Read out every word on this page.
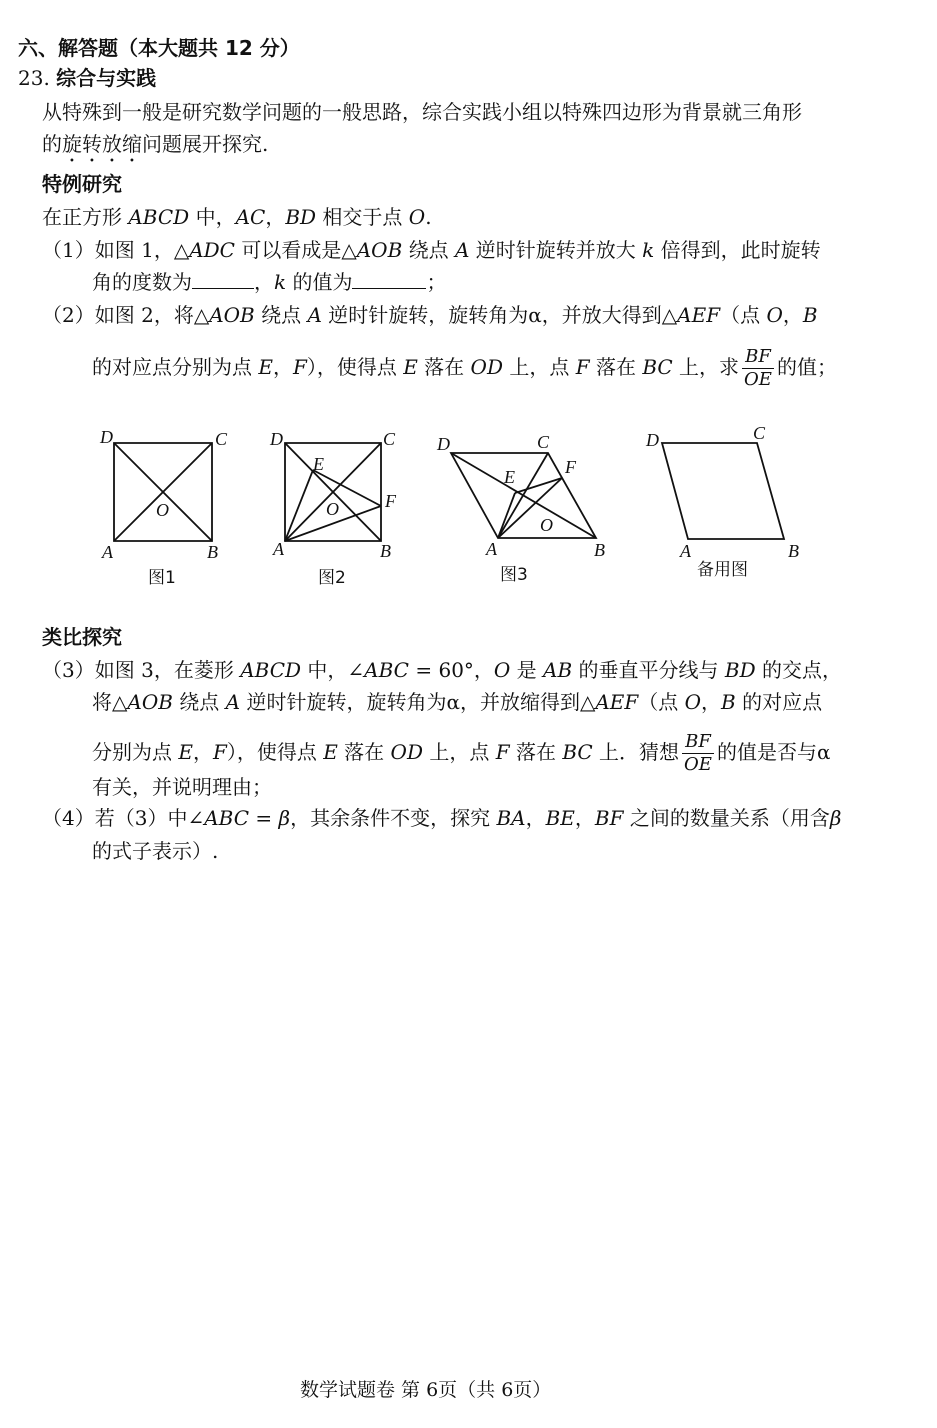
六、解答题（本大题共 12 分）
23. 综合与实践
从特殊到一般是研究数学问题的一般思路，综合实践小组以特殊四边形为背景就三角形
的旋转放缩问题展开探究.
特例研究
在正方形 ABCD 中，AC，BD 相交于点 O.
（1）如图 1，△ADC 可以看成是△AOB 绕点 A 逆时针旋转并放大 k 倍得到，此时旋转
角的度数为	，k 的值为	；
（2）如图 2，将△AOB 绕点 A 逆时针旋转，旋转角为α，并放大得到△AEF（点 O，B
的对应点分别为点 E，F），使得点 E 落在 OD 上，点 F 落在 BC 上，求 $\frac{BF}{OE}$ 的值；
D	C
O
A	B
图1
D	C
E
O	F
A	B
图2
D	C
F
E
O
A	B
图3
D	C
A	B
备用图
类比探究
（3）如图 3，在菱形 ABCD 中，∠ABC = 60°，O 是 AB 的垂直平分线与 BD 的交点，
将△AOB 绕点 A 逆时针旋转，旋转角为α，并放缩得到△AEF（点 O，B 的对应点
分别为点 E，F），使得点 E 落在 OD 上，点 F 落在 BC 上．猜想 $\frac{BF}{OE}$ 的值是否与α
有关，并说明理由；
（4）若（3）中∠ABC = β，其余条件不变，探究 BA，BE，BF 之间的数量关系（用含β
的式子表示）.
数学试题卷 第 6页（共 6页）
